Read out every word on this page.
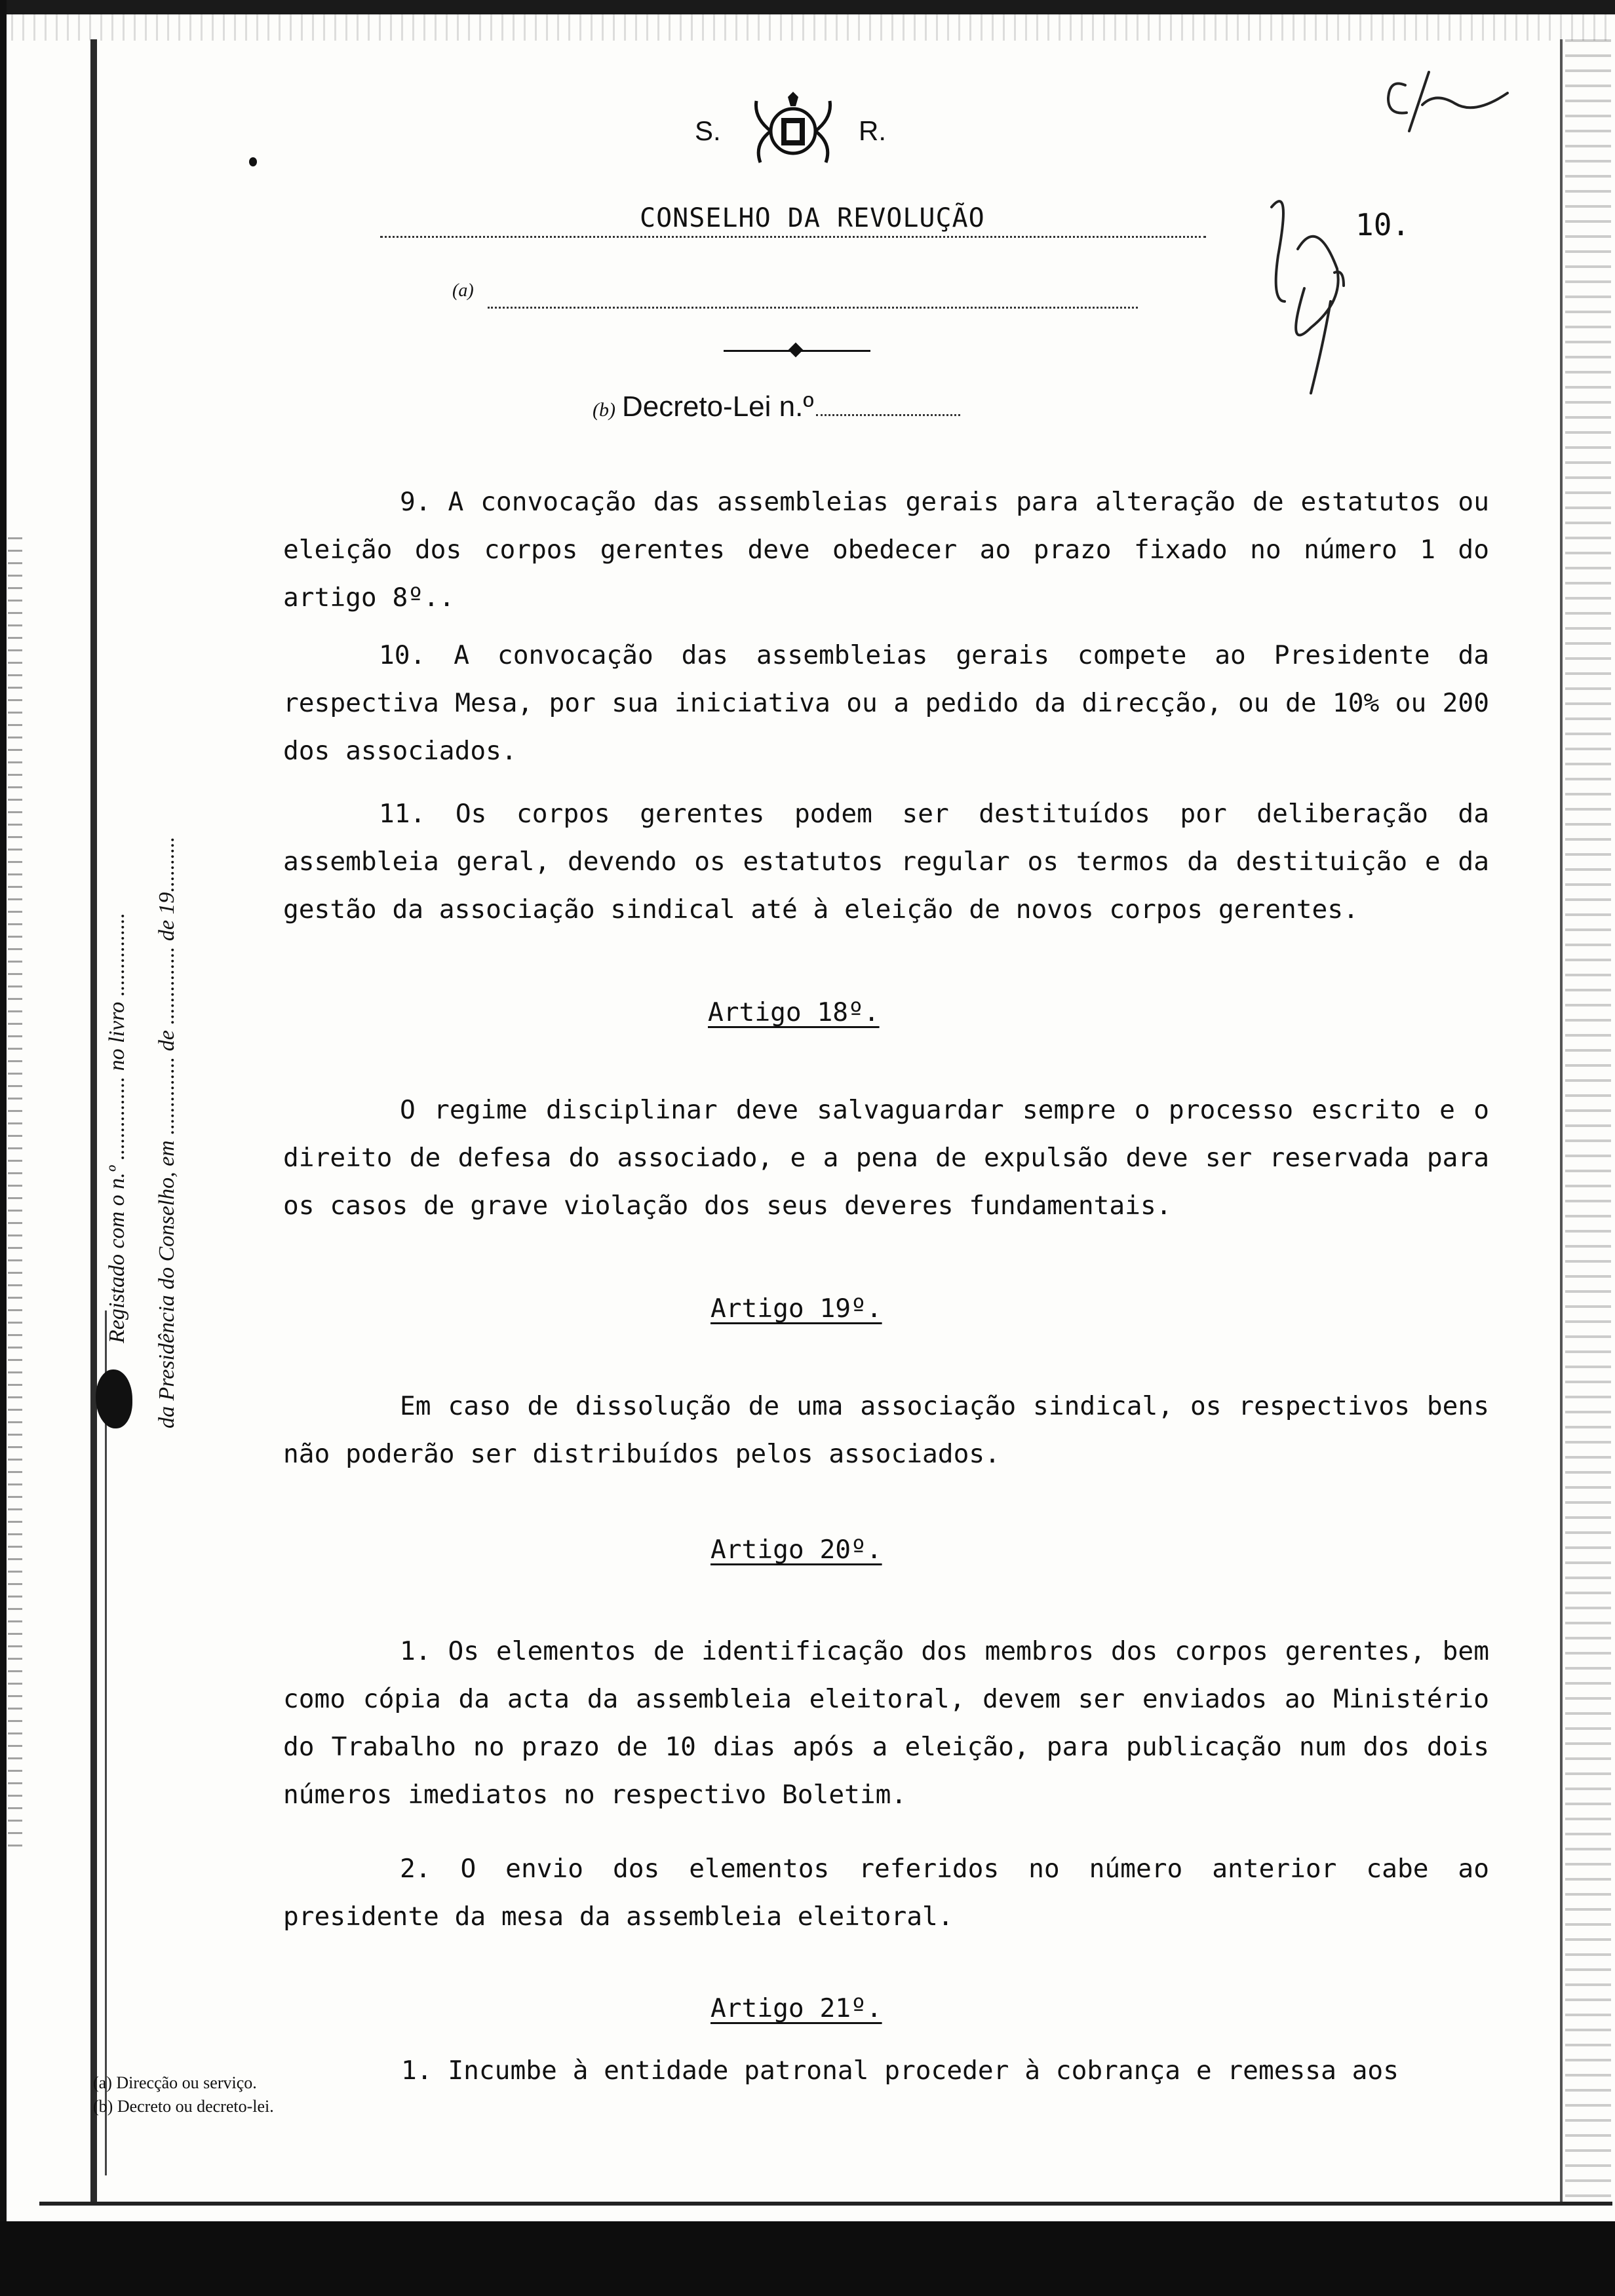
S.	R.
CONSELHO DA REVOLUÇÃO	10.
(a)
(b) Decreto-Lei n.º
Registado com o n.º ............... no livro ............... da Presidência do Conselho, em .............. de .............. de 19..........
9. A convocação das assembleias gerais para alteração de estatutos ou eleição dos corpos gerentes deve obedecer ao prazo fixado no número 1 do artigo 8º..
10. A convocação das assembleias gerais compete ao Presidente da respectiva Mesa, por sua iniciativa ou a pedido da direcção, ou de 10% ou 200 dos associados.
11. Os corpos gerentes podem ser destituídos por deliberação da assembleia geral, devendo os estatutos regular os termos da destituição e da gestão da associação sindical até à eleição de novos corpos gerentes.
Artigo 18º.
O regime disciplinar deve salvaguardar sempre o processo escrito e o direito de defesa do associado, e a pena de expulsão deve ser reservada para os casos de grave violação dos seus deveres fundamentais.
Artigo 19º.
Em caso de dissolução de uma associação sindical, os respectivos bens não poderão ser distribuídos pelos associados.
Artigo 20º.
1. Os elementos de identificação dos membros dos corpos gerentes, bem como cópia da acta da assembleia eleitoral, devem ser enviados ao Ministério do Trabalho no prazo de 10 dias após a eleição, para publicação num dos dois números imediatos no respectivo Boletim.
2. O envio dos elementos referidos no número anterior cabe ao presidente da mesa da assembleia eleitoral.
Artigo 21º.
1. Incumbe à entidade patronal proceder à cobrança e remessa aos
(a) Direcção ou serviço.
(b) Decreto ou decreto-lei.
